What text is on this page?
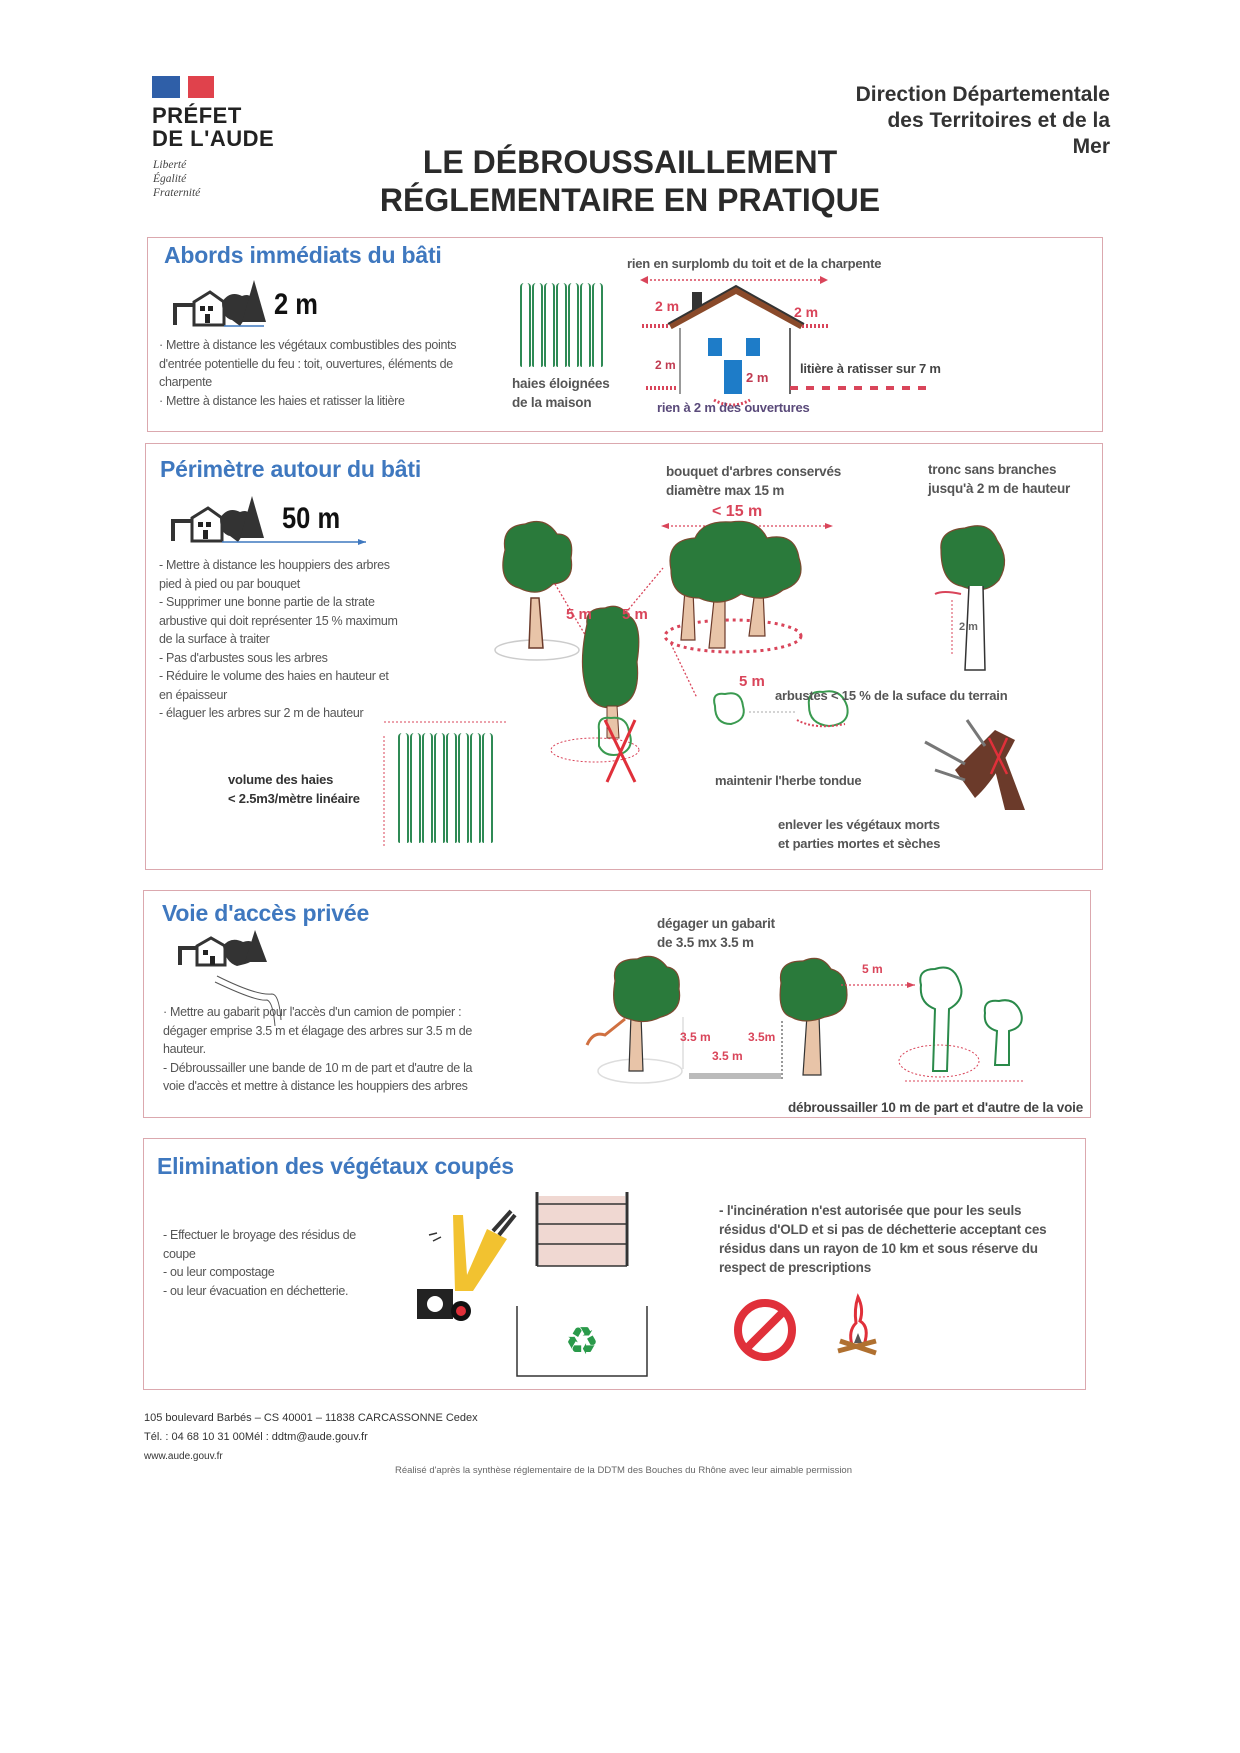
PRÉFET
DE L'AUDE
Liberté
Égalité
Fraternité
Direction Départementale
des Territoires et de la
Mer
LE DÉBROUSSAILLEMENT
RÉGLEMENTAIRE EN PRATIQUE
Abords immédiats du bâti
2 m
· Mettre à distance les végétaux combustibles des points d'entrée potentielle du feu : toit, ouvertures, éléments de charpente
· Mettre à distance les haies et ratisser la litière
haies éloignées
de la maison
rien en surplomb du toit et de la charpente
2 m	2 m
2 m
2 m
litière à ratisser sur 7 m
rien à 2 m des ouvertures
Périmètre autour du bâti
50 m
- Mettre à distance les houppiers des arbres pied à pied ou par bouquet
- Supprimer une bonne partie de la strate arbustive qui doit représenter 15 % maximum de la surface à traiter
- Pas d'arbustes sous les arbres
- Réduire le volume des haies en hauteur et en épaisseur
- élaguer les arbres sur 2 m de hauteur
bouquet d'arbres conservés
diamètre max 15 m
< 15 m
tronc sans branches
jusqu'à 2 m de hauteur
5 m 5 m
5 m
2 m
arbustes < 15 % de la suface du terrain
volume des haies
< 2.5m3/mètre linéaire
maintenir l'herbe tondue
enlever les végétaux morts
et parties mortes et sèches
Voie d'accès privée
· Mettre au gabarit pour l'accès d'un camion de pompier : dégager emprise 3.5 m et élagage des arbres sur 3.5 m de hauteur.
- Débroussailler une bande de 10 m de part et d'autre de la voie d'accès et mettre à distance les houppiers des arbres
dégager un gabarit
de 3.5 mx 3.5 m
3.5 m	3.5m
3.5 m
5 m
débroussailler 10 m de part et d'autre de la voie
Elimination des végétaux coupés
- Effectuer le broyage des résidus de coupe
- ou leur compostage
- ou leur évacuation en déchetterie.
♻
- l'incinération n'est autorisée que pour les seuls résidus d'OLD et si pas de déchetterie acceptant ces résidus dans un rayon de 10 km et sous réserve du respect de prescriptions
105 boulevard Barbés – CS 40001 – 11838 CARCASSONNE Cedex
Tél. : 04 68 10 31 00Mél : ddtm@aude.gouv.fr
www.aude.gouv.fr
Réalisé d'après la synthèse réglementaire de la DDTM des Bouches du Rhône avec leur aimable permission
